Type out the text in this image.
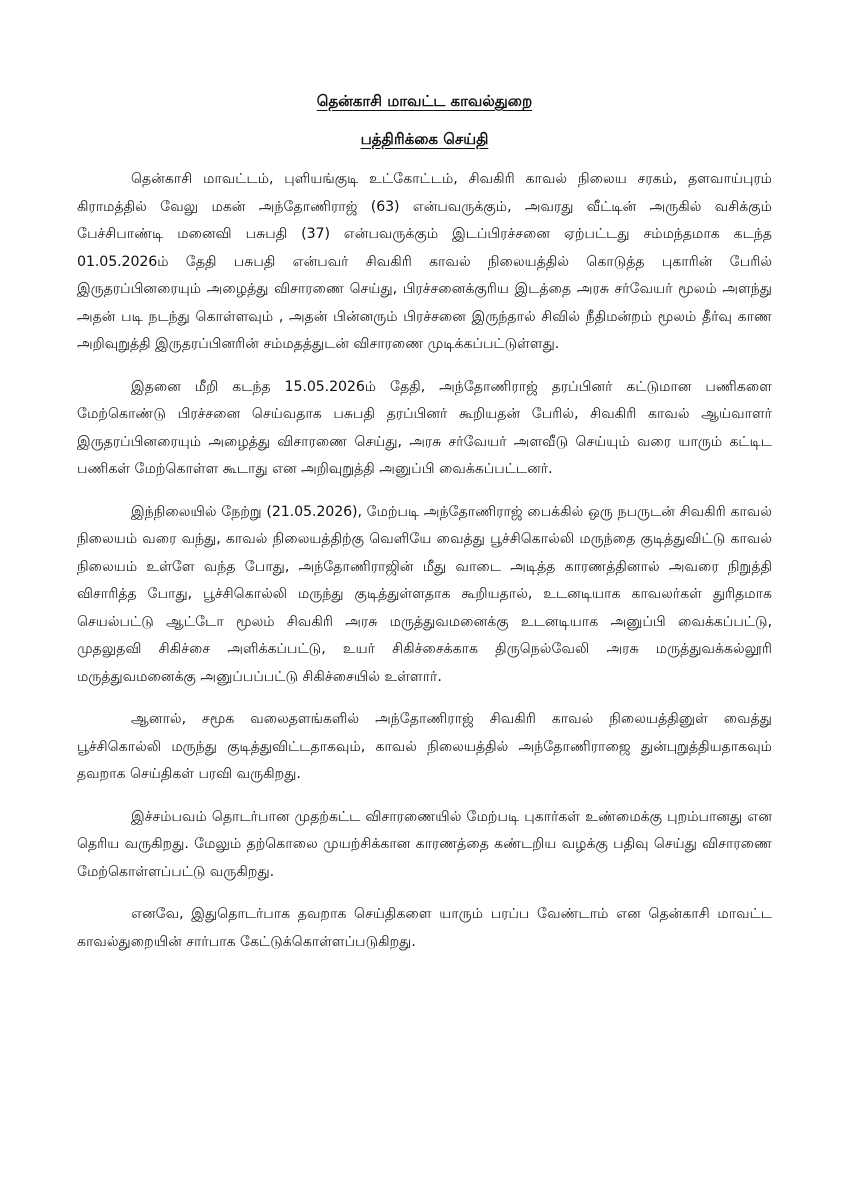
தென்காசி மாவட்ட காவல்துறை

பத்திரிக்கை செய்தி

தென்காசி மாவட்டம், புளியங்குடி உட்கோட்டம், சிவகிரி காவல் நிலைய சரகம், தளவாய்புரம் கிராமத்தில் வேலு மகன் அந்தோணிராஜ் (63) என்பவருக்கும், அவரது வீட்டின் அருகில் வசிக்கும் பேச்சிபாண்டி மனைவி பசுபதி (37) என்பவருக்கும் இடப்பிரச்சனை ஏற்பட்டது சம்மந்தமாக கடந்த 01.05.2026ம் தேதி பசுபதி என்பவர் சிவகிரி காவல் நிலையத்தில் கொடுத்த புகாரின் பேரில் இருதரப்பினரையும் அழைத்து விசாரணை செய்து, பிரச்சனைக்குரிய இடத்தை அரசு சர்வேயர் மூலம் அளந்து அதன் படி நடந்து கொள்ளவும் , அதன் பின்னரும் பிரச்சனை இருந்தால் சிவில் நீதிமன்றம் மூலம் தீர்வு காண அறிவுறுத்தி இருதரப்பினரின் சம்மதத்துடன் விசாரணை முடிக்கப்பட்டுள்ளது.

இதனை மீறி கடந்த 15.05.2026ம் தேதி, அந்தோணிராஜ் தரப்பினர் கட்டுமான பணிகளை மேற்கொண்டு பிரச்சனை செய்வதாக பசுபதி தரப்பினர் கூறியதன் பேரில், சிவகிரி காவல் ஆய்வாளர் இருதரப்பினரையும் அழைத்து விசாரணை செய்து, அரசு சர்வேயர் அளவீடு செய்யும் வரை யாரும் கட்டிட பணிகள் மேற்கொள்ள கூடாது என அறிவுறுத்தி அனுப்பி வைக்கப்பட்டனர்.

இந்நிலையில் நேற்று (21.05.2026), மேற்படி அந்தோணிராஜ் பைக்கில் ஒரு நபருடன் சிவகிரி காவல் நிலையம் வரை வந்து, காவல் நிலையத்திற்கு வெளியே வைத்து பூச்சிகொல்லி மருந்தை குடித்துவிட்டு காவல் நிலையம் உள்ளே வந்த போது, அந்தோணிராஜின் மீது வாடை அடித்த காரணத்தினால் அவரை நிறுத்தி விசாரித்த போது, பூச்சிகொல்லி மருந்து குடித்துள்ளதாக கூறியதால், உடனடியாக காவலர்கள் துரிதமாக செயல்பட்டு ஆட்டோ மூலம் சிவகிரி அரசு மருத்துவமனைக்கு உடனடியாக அனுப்பி வைக்கப்பட்டு, முதலுதவி சிகிச்சை அளிக்கப்பட்டு, உயர் சிகிச்சைக்காக திருநெல்வேலி அரசு மருத்துவக்கல்லூரி மருத்துவமனைக்கு அனுப்பப்பட்டு சிகிச்சையில் உள்ளார்.

ஆனால், சமூக வலைதளங்களில் அந்தோணிராஜ் சிவகிரி காவல் நிலையத்தினுள் வைத்து பூச்சிகொல்லி மருந்து குடித்துவிட்டதாகவும், காவல் நிலையத்தில் அந்தோணிராஜை துன்புறுத்தியதாகவும் தவறாக செய்திகள் பரவி வருகிறது.

இச்சம்பவம் தொடர்பான முதற்கட்ட விசாரணையில் மேற்படி புகார்கள் உண்மைக்கு புறம்பானது என தெரிய வருகிறது. மேலும் தற்கொலை முயற்சிக்கான காரணத்தை கண்டறிய வழக்கு பதிவு செய்து விசாரணை மேற்கொள்ளப்பட்டு வருகிறது.

எனவே, இதுதொடர்பாக தவறாக செய்திகளை யாரும் பரப்ப வேண்டாம் என தென்காசி மாவட்ட காவல்துறையின் சார்பாக கேட்டுக்கொள்ளப்படுகிறது.
